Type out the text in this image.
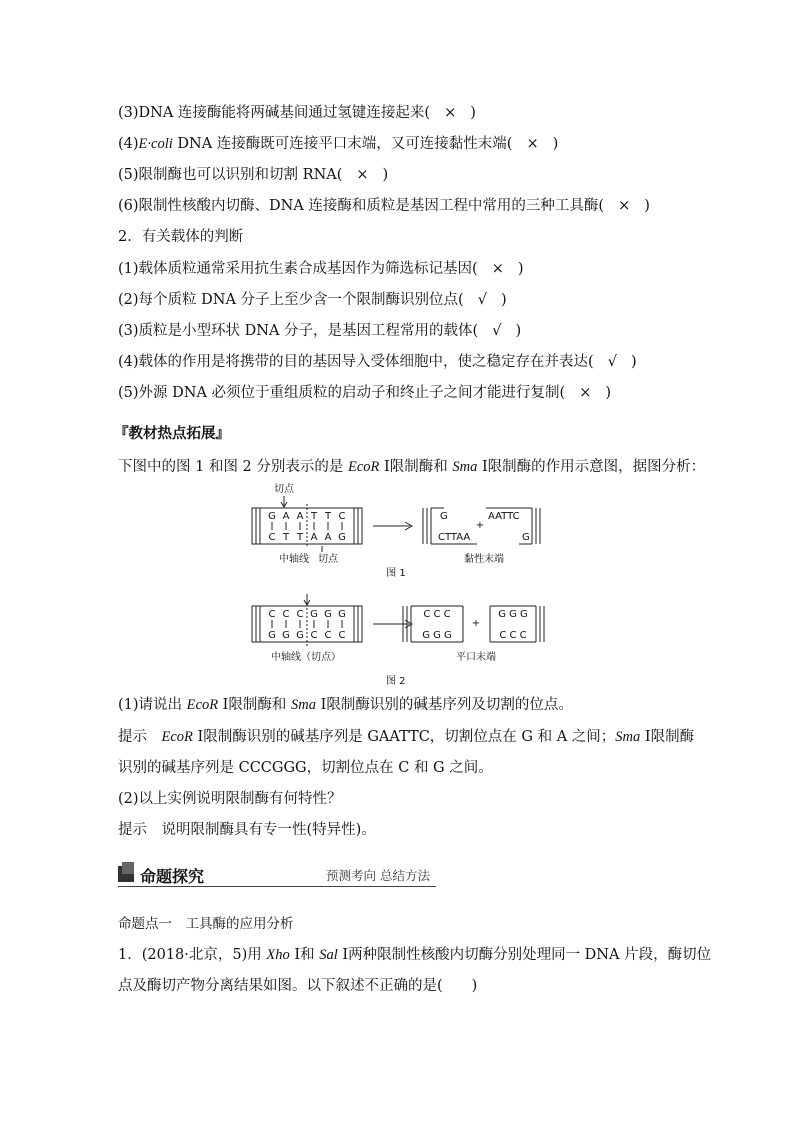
(3)DNA 连接酶能将两碱基间通过氢键连接起来( × )
(4)E·coli DNA 连接酶既可连接平口末端，又可连接黏性末端( × )
(5)限制酶也可以识别和切割 RNA( × )
(6)限制性核酸内切酶、DNA 连接酶和质粒是基因工程中常用的三种工具酶( × )
2．有关载体的判断
(1)载体质粒通常采用抗生素合成基因作为筛选标记基因( × )
(2)每个质粒 DNA 分子上至少含一个限制酶识别位点( √ )
(3)质粒是小型环状 DNA 分子，是基因工程常用的载体( √ )
(4)载体的作用是将携带的目的基因导入受体细胞中，使之稳定存在并表达( √ )
(5)外源 DNA 必须位于重组质粒的启动子和终止子之间才能进行复制( × )
『教材热点拓展』
下图中的图 1 和图 2 分别表示的是 EcoR Ⅰ限制酶和 Sma Ⅰ限制酶的作用示意图，据图分析：
切点
G A A T T C
C T T A A G
中轴线 切点
G
CTTAA
+
AATTC
G
黏性末端
图 1
C C C G G G
G G G C C C
中轴线（切点）
C C C
G G G
+
G G G
C C C
平口末端
图 2
(1)请说出 EcoR Ⅰ限制酶和 Sma Ⅰ限制酶识别的碱基序列及切割的位点。
提示　EcoR Ⅰ限制酶识别的碱基序列是 GAATTC，切割位点在 G 和 A 之间；Sma Ⅰ限制酶
识别的碱基序列是 CCCGGG，切割位点在 C 和 G 之间。
(2)以上实例说明限制酶有何特性？
提示　说明限制酶具有专一性(特异性)。
命题探究	预测考向 总结方法
命题点一　工具酶的应用分析
1．(2018·北京，5)用 Xho Ⅰ和 Sal Ⅰ两种限制性核酸内切酶分别处理同一 DNA 片段，酶切位
点及酶切产物分离结果如图。以下叙述不正确的是(　　)
